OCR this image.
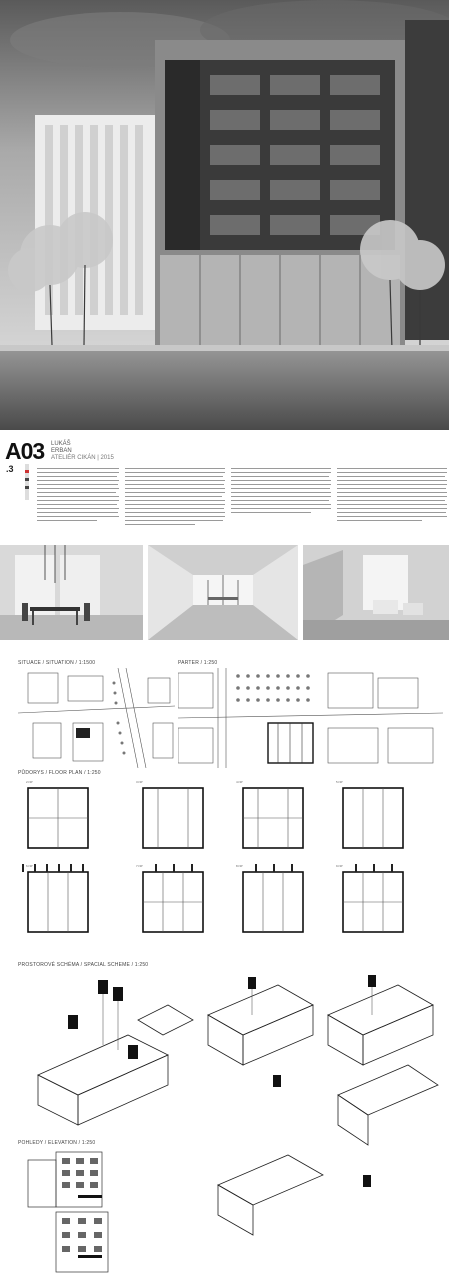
A03 LUKÁŠ
ERBAN
ATELIÉR CIKÁN | 2015
.3
SITUACE / SITUATION / 1:1500	PARTER / 1:250
PŮDORYS / FLOOR PLAN / 1:250
2.NP	3.NP	4.NP	5.NP
6.NP	7.NP	8.NP	9.NP
PROSTOROVÉ SCHÉMA / SPACIAL SCHEME / 1:250
POHLEDY / ELEVATION / 1:250
